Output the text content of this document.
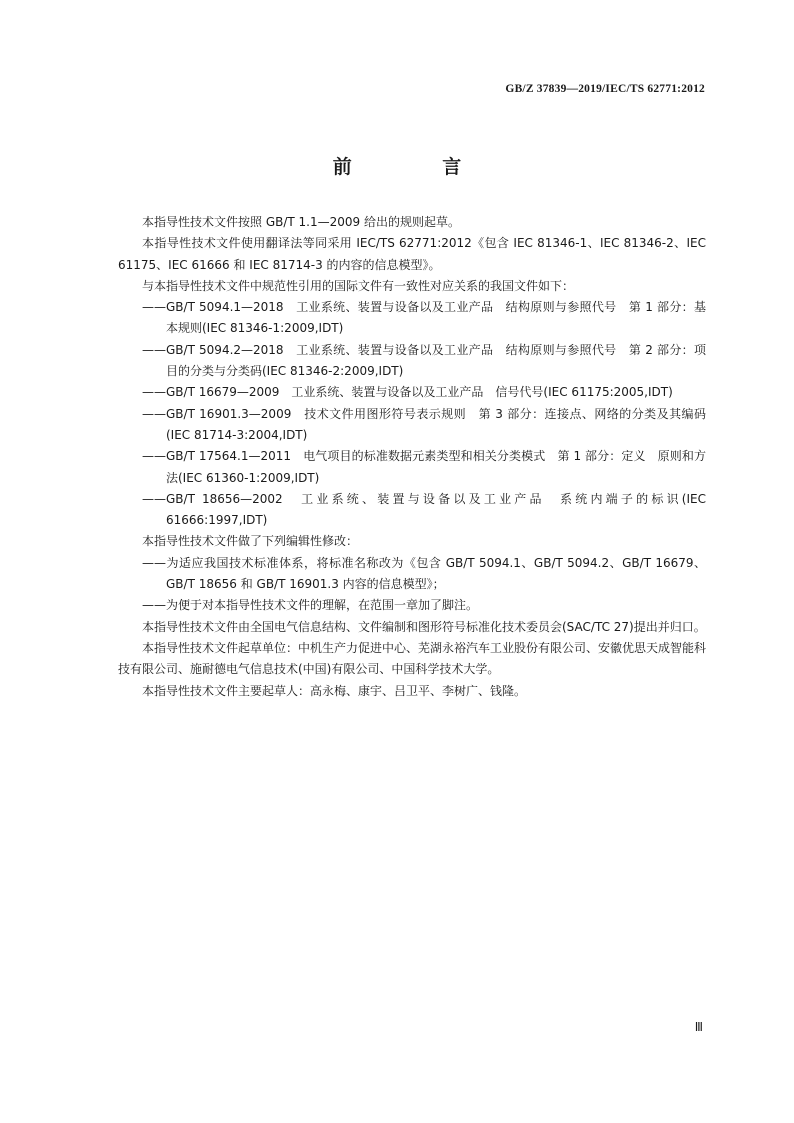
GB/Z 37839—2019/IEC/TS 62771:2012
前 言

本指导性技术文件按照 GB/T 1.1—2009 给出的规则起草。

本指导性技术文件使用翻译法等同采用 IEC/TS 62771:2012《包含 IEC 81346-1、IEC 81346-2、IEC 61175、IEC 61666 和 IEC 81714-3 的内容的信息模型》。

与本指导性技术文件中规范性引用的国际文件有一致性对应关系的我国文件如下：

——GB/T 5094.1—2018　工业系统、装置与设备以及工业产品　结构原则与参照代号　第 1 部分：基本规则(IEC 81346-1:2009,IDT)

——GB/T 5094.2—2018　工业系统、装置与设备以及工业产品　结构原则与参照代号　第 2 部分：项目的分类与分类码(IEC 81346-2:2009,IDT)

——GB/T 16679—2009　工业系统、装置与设备以及工业产品　信号代号(IEC 61175:2005,IDT)

——GB/T 16901.3—2009　技术文件用图形符号表示规则　第 3 部分：连接点、网络的分类及其编码(IEC 81714-3:2004,IDT)

——GB/T 17564.1—2011　电气项目的标准数据元素类型和相关分类模式　第 1 部分：定义　原则和方法(IEC 61360-1:2009,IDT)

——GB/T 18656—2002　工业系统、装置与设备以及工业产品　系统内端子的标识(IEC 61666:1997,IDT)

本指导性技术文件做了下列编辑性修改：

——为适应我国技术标准体系，将标准名称改为《包含 GB/T 5094.1、GB/T 5094.2、GB/T 16679、GB/T 18656 和 GB/T 16901.3 内容的信息模型》；

——为便于对本指导性技术文件的理解，在范围一章加了脚注。

本指导性技术文件由全国电气信息结构、文件编制和图形符号标准化技术委员会(SAC/TC 27)提出并归口。

本指导性技术文件起草单位：中机生产力促进中心、芜湖永裕汽车工业股份有限公司、安徽优思天成智能科技有限公司、施耐德电气信息技术(中国)有限公司、中国科学技术大学。

本指导性技术文件主要起草人：高永梅、康宇、吕卫平、李树广、钱隆。

Ⅲ
